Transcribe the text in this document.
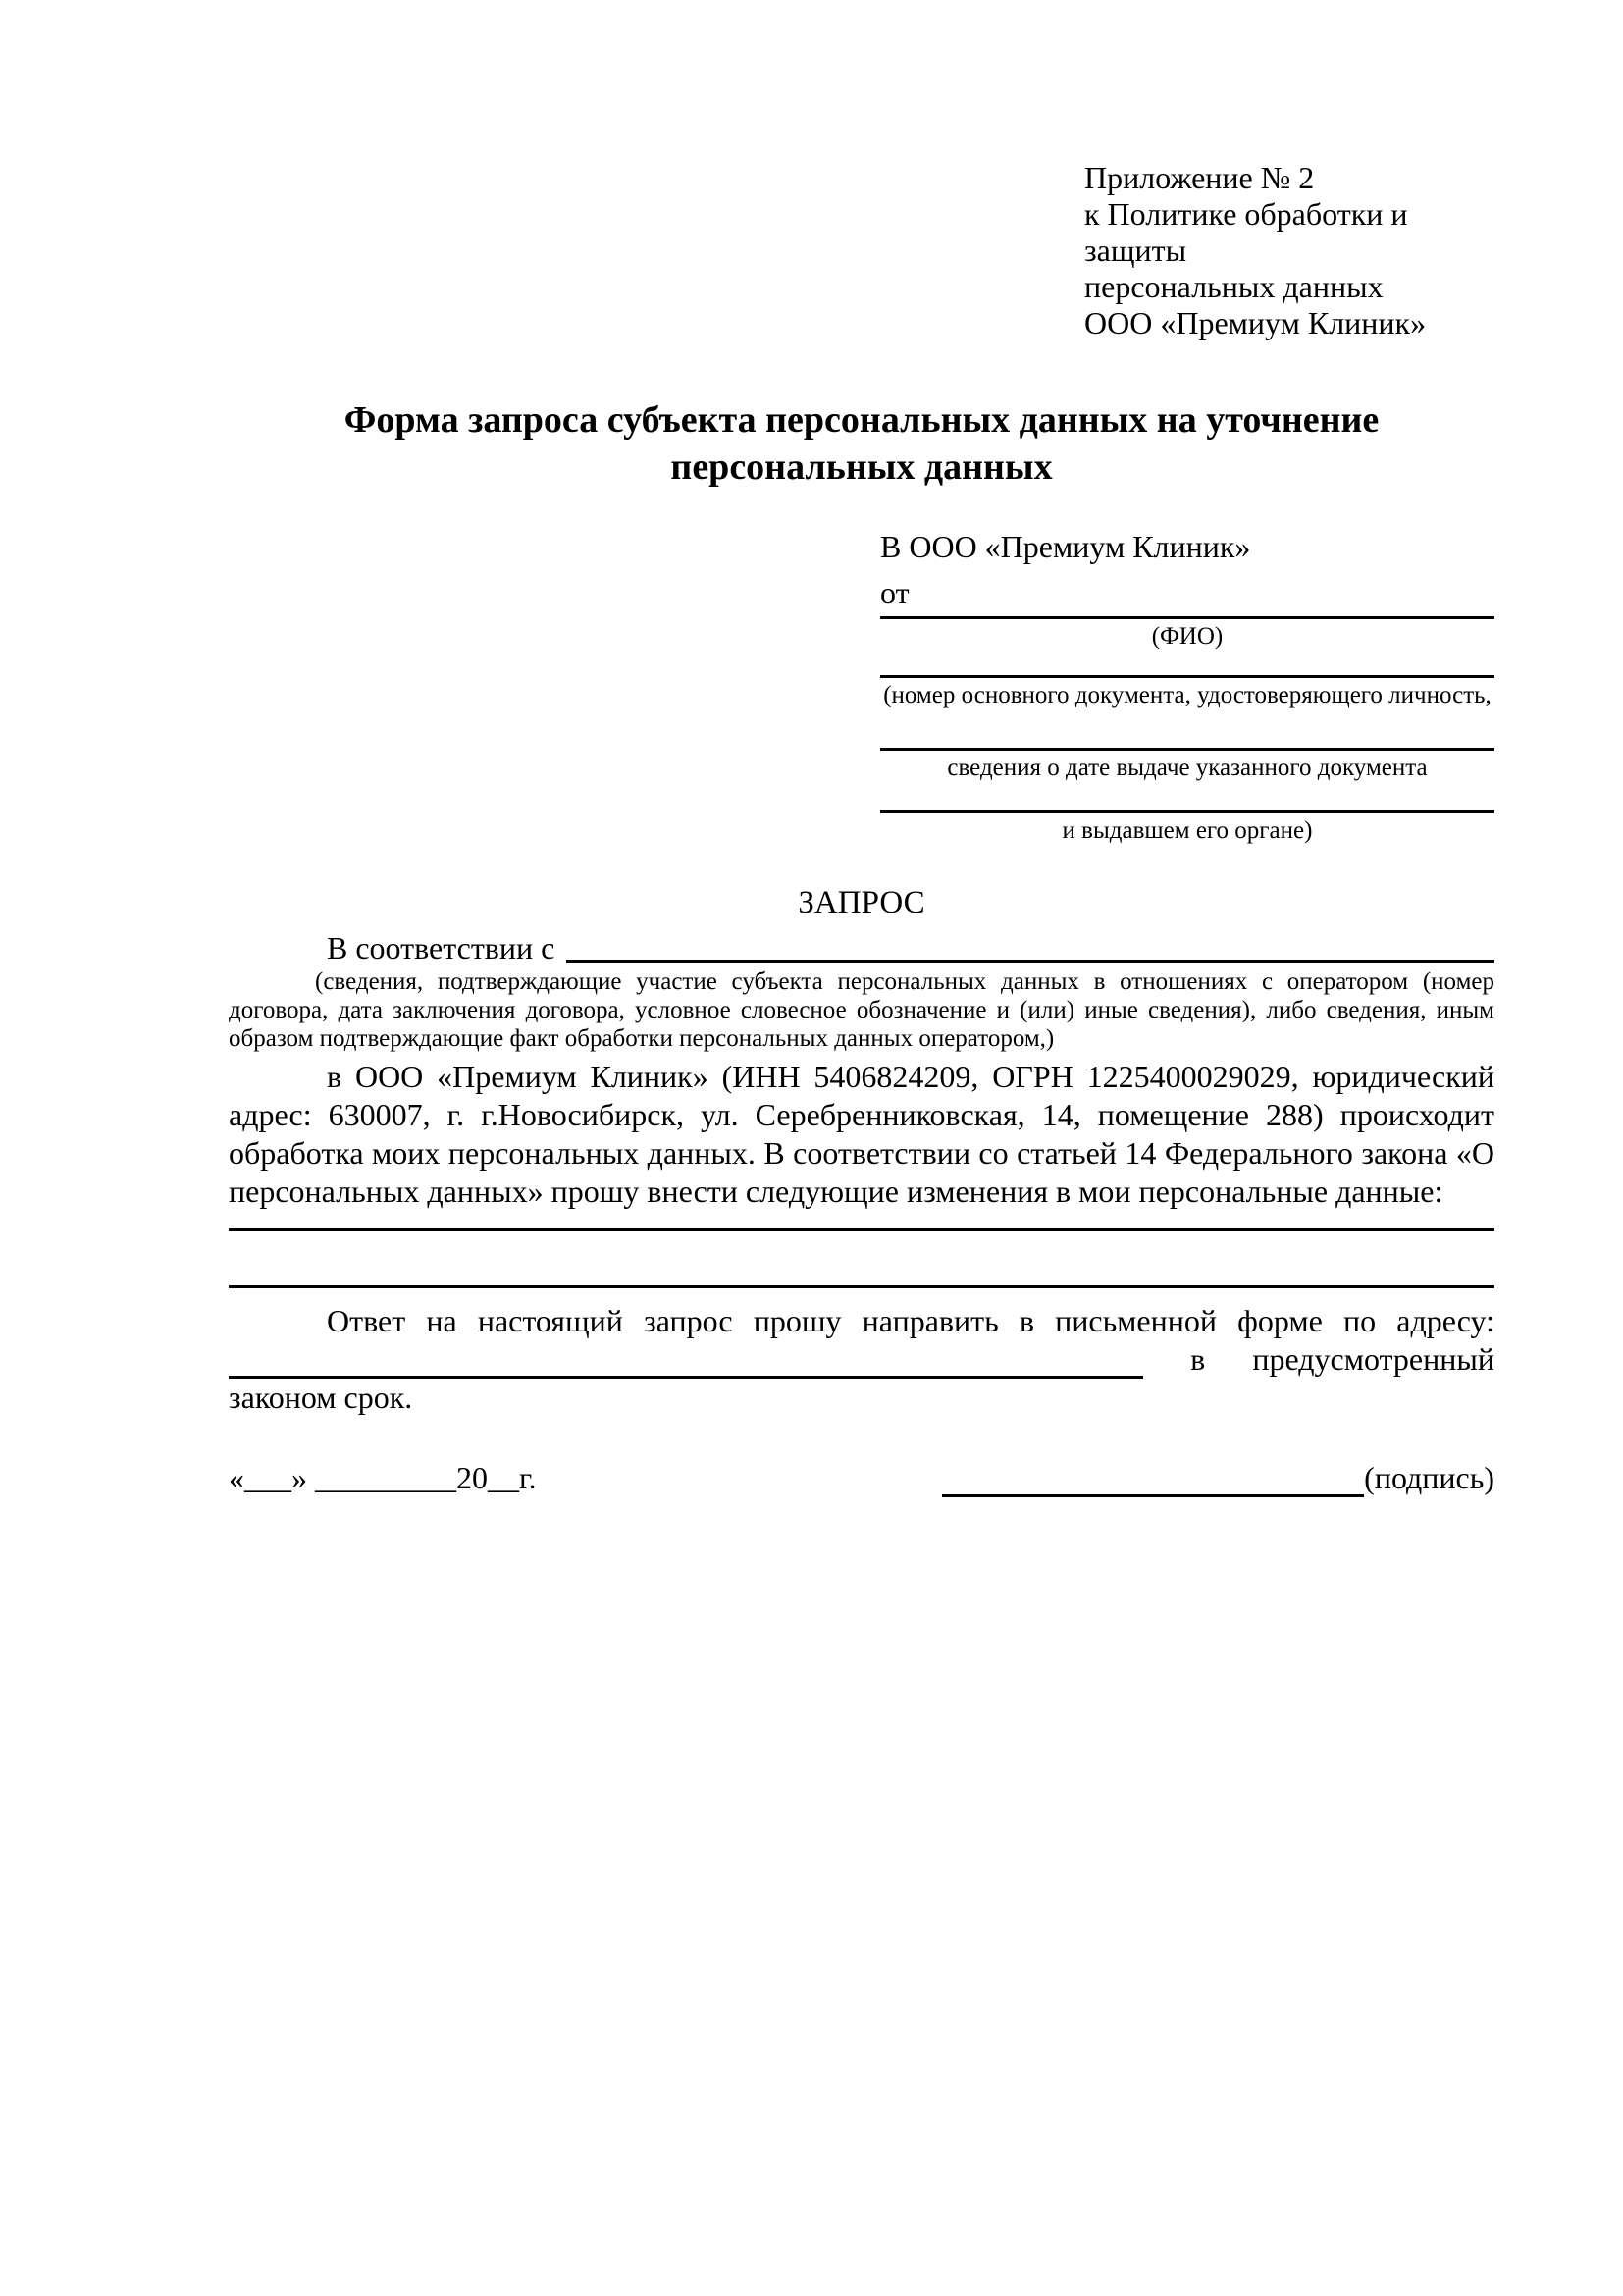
Приложение № 2
к Политике обработки и защиты
персональных данных
ООО «Премиум Клиник»
Форма запроса субъекта персональных данных на уточнение персональных данных
В ООО «Премиум Клиник»
от
(ФИО)
(номер основного документа, удостоверяющего личность,
сведения о дате выдаче указанного документа
и выдавшем его органе)
ЗАПРОС
В соответствии с
(сведения, подтверждающие участие субъекта персональных данных в отношениях с оператором (номер договора, дата заключения договора, условное словесное обозначение и (или) иные сведения), либо сведения, иным образом подтверждающие факт обработки персональных данных оператором,)
в ООО «Премиум Клиник» (ИНН 5406824209, ОГРН 1225400029029, юридический адрес: 630007, г. г.Новосибирск, ул. Серебренниковская, 14, помещение 288) происходит обработка моих персональных данных. В соответствии со статьей 14 Федерального закона «О персональных данных» прошу внести следующие изменения в мои персональные данные:
Ответ на настоящий запрос прошу направить в письменной форме по адресу:
в предусмотренный
законом срок.
«___» _________20__г.	(подпись)
